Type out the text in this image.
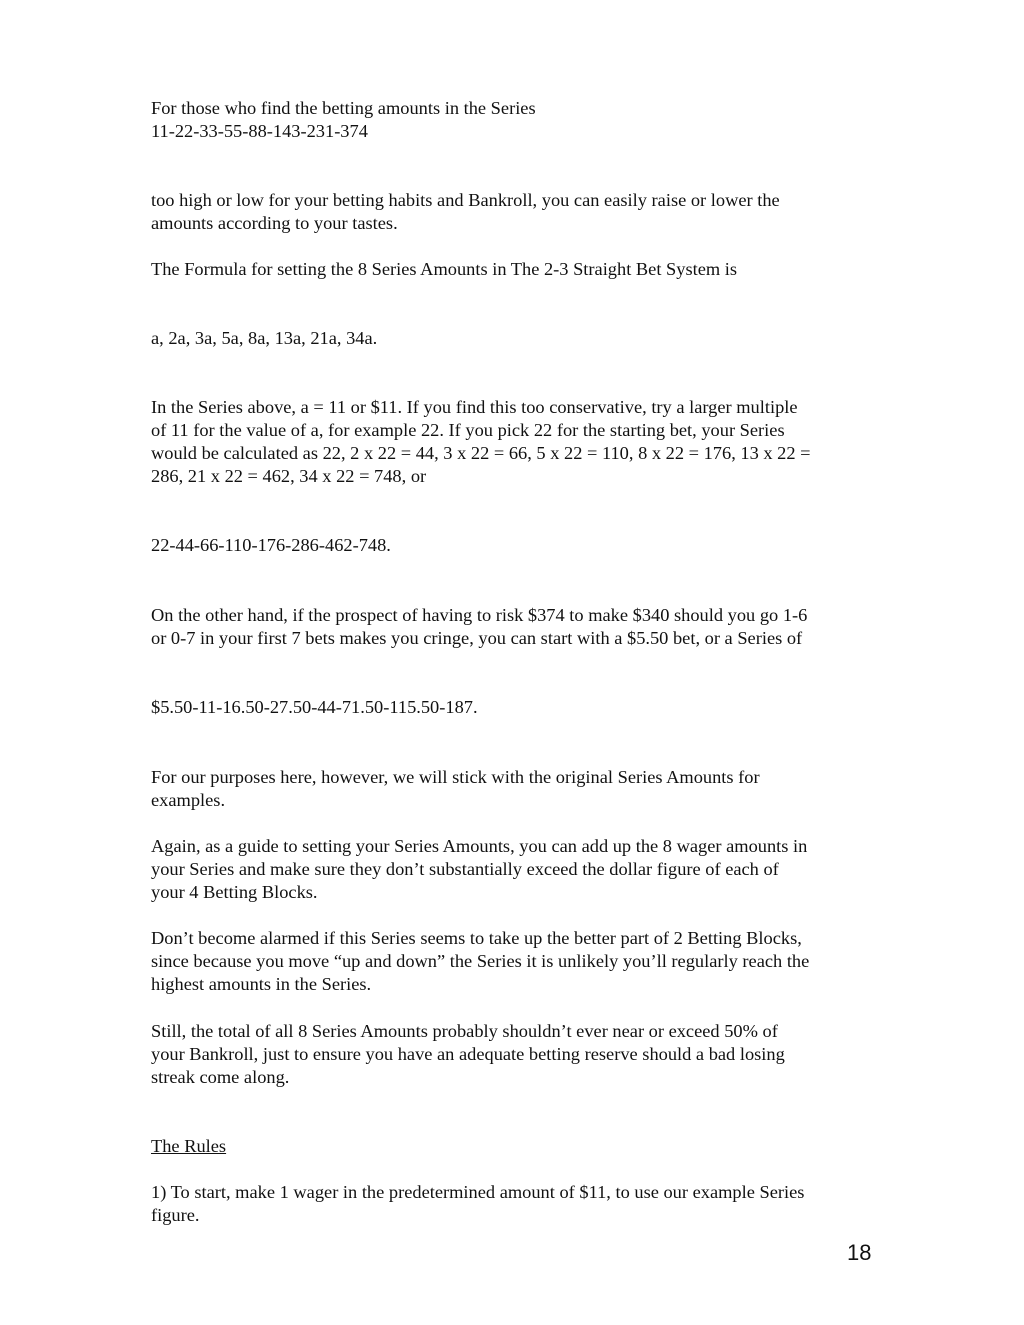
For those who find the betting amounts in the Series

11-22-33-55-88-143-231-374

too high or low for your betting habits and Bankroll, you can easily raise or lower the

amounts according to your tastes.

The Formula for setting the 8 Series Amounts in The 2-3 Straight Bet System is

a, 2a, 3a, 5a, 8a, 13a, 21a, 34a.

In the Series above, a = 11 or $11. If you find this too conservative, try a larger multiple

of 11 for the value of a, for example 22. If you pick 22 for the starting bet, your Series

would be calculated as 22, 2 x 22 = 44, 3 x 22 = 66, 5 x 22 = 110, 8 x 22 = 176, 13 x 22 =

286, 21 x 22 = 462, 34 x 22 = 748, or

22-44-66-110-176-286-462-748.

On the other hand, if the prospect of having to risk $374 to make $340 should you go 1-6

or 0-7 in your first 7 bets makes you cringe, you can start with a $5.50 bet, or a Series of

$5.50-11-16.50-27.50-44-71.50-115.50-187.

For our purposes here, however, we will stick with the original Series Amounts for

examples.

Again, as a guide to setting your Series Amounts, you can add up the 8 wager amounts in

your Series and make sure they don’t substantially exceed the dollar figure of each of

your 4 Betting Blocks.

Don’t become alarmed if this Series seems to take up the better part of 2 Betting Blocks,

since because you move “up and down” the Series it is unlikely you’ll regularly reach the

highest amounts in the Series.

Still, the total of all 8 Series Amounts probably shouldn’t ever near or exceed 50% of

your Bankroll, just to ensure you have an adequate betting reserve should a bad losing

streak come along.

The Rules

1) To start, make 1 wager in the predetermined amount of $11, to use our example Series

figure.

18
